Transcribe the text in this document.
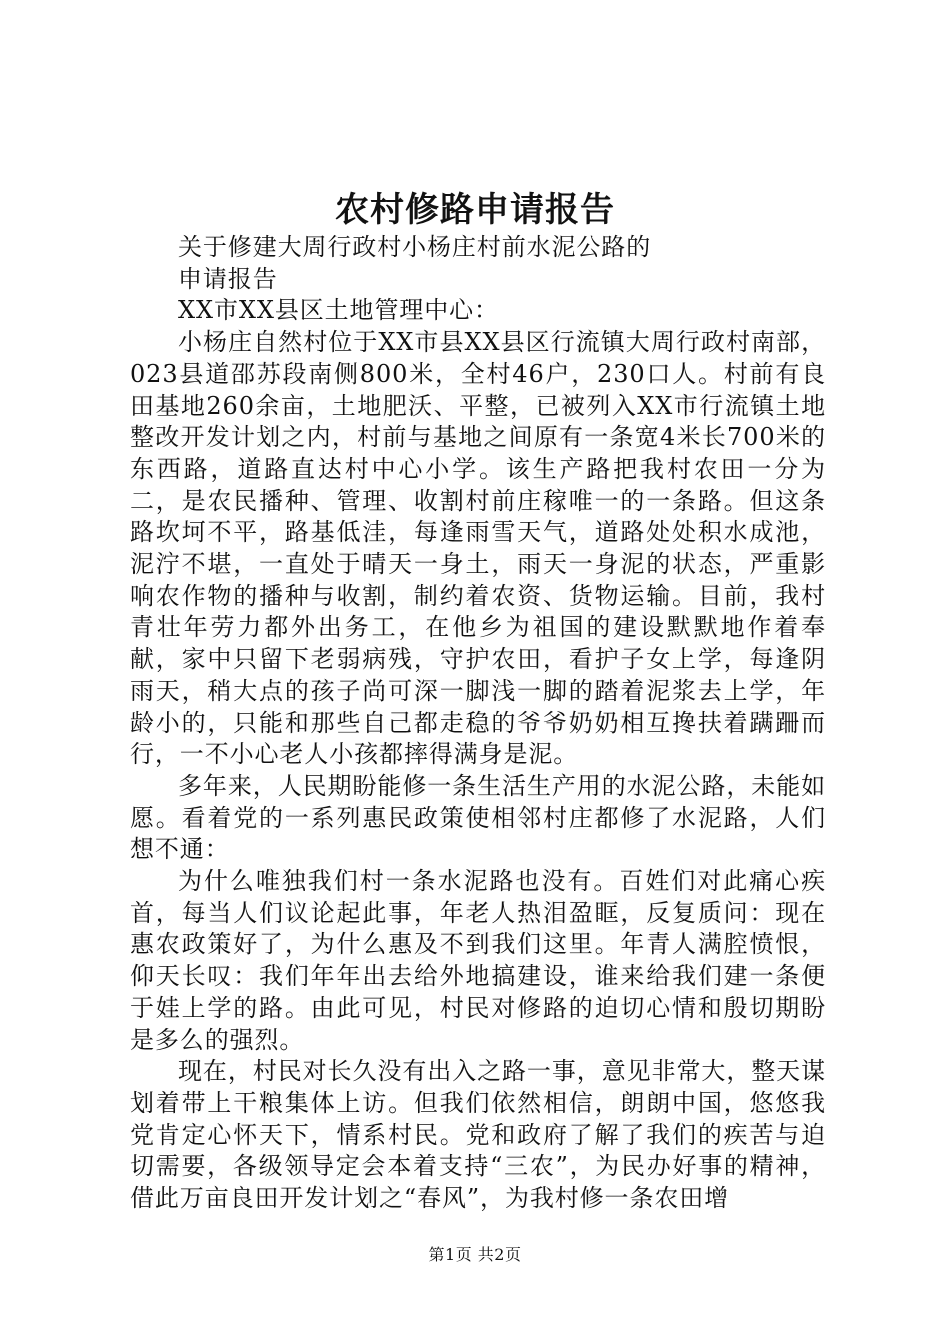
农村修路申请报告

关于修建大周行政村小杨庄村前水泥公路的

申请报告

XX市XX县区土地管理中心：

小杨庄自然村位于XX市县XX县区行流镇大周行政村南部，023县道邵苏段南侧800米，全村46户，230口人。村前有良田基地260余亩，土地肥沃、平整，已被列入XX市行流镇土地整改开发计划之内，村前与基地之间原有一条宽4米长700米的东西路，道路直达村中心小学。该生产路把我村农田一分为二，是农民播种、管理、收割村前庄稼唯一的一条路。但这条路坎坷不平，路基低洼，每逢雨雪天气，道路处处积水成池，泥泞不堪，一直处于晴天一身土，雨天一身泥的状态，严重影响农作物的播种与收割，制约着农资、货物运输。目前，我村青壮年劳力都外出务工，在他乡为祖国的建设默默地作着奉献，家中只留下老弱病残，守护农田，看护子女上学，每逢阴雨天，稍大点的孩子尚可深一脚浅一脚的踏着泥浆去上学，年龄小的，只能和那些自己都走稳的爷爷奶奶相互搀扶着蹒跚而行，一不小心老人小孩都摔得满身是泥。

多年来，人民期盼能修一条生活生产用的水泥公路，未能如愿。看着党的一系列惠民政策使相邻村庄都修了水泥路，人们想不通：

为什么唯独我们村一条水泥路也没有。百姓们对此痛心疾首，每当人们议论起此事，年老人热泪盈眶，反复质问：现在惠农政策好了，为什么惠及不到我们这里。年青人满腔愤恨，仰天长叹：我们年年出去给外地搞建设，谁来给我们建一条便于娃上学的路。由此可见，村民对修路的迫切心情和殷切期盼是多么的强烈。

现在，村民对长久没有出入之路一事，意见非常大，整天谋划着带上干粮集体上访。但我们依然相信，朗朗中国，悠悠我党肯定心怀天下，情系村民。党和政府了解了我们的疾苦与迫切需要，各级领导定会本着支持“三农”，为民办好事的精神，借此万亩良田开发计划之“春风”，为我村修一条农田增

第1页 共2页
